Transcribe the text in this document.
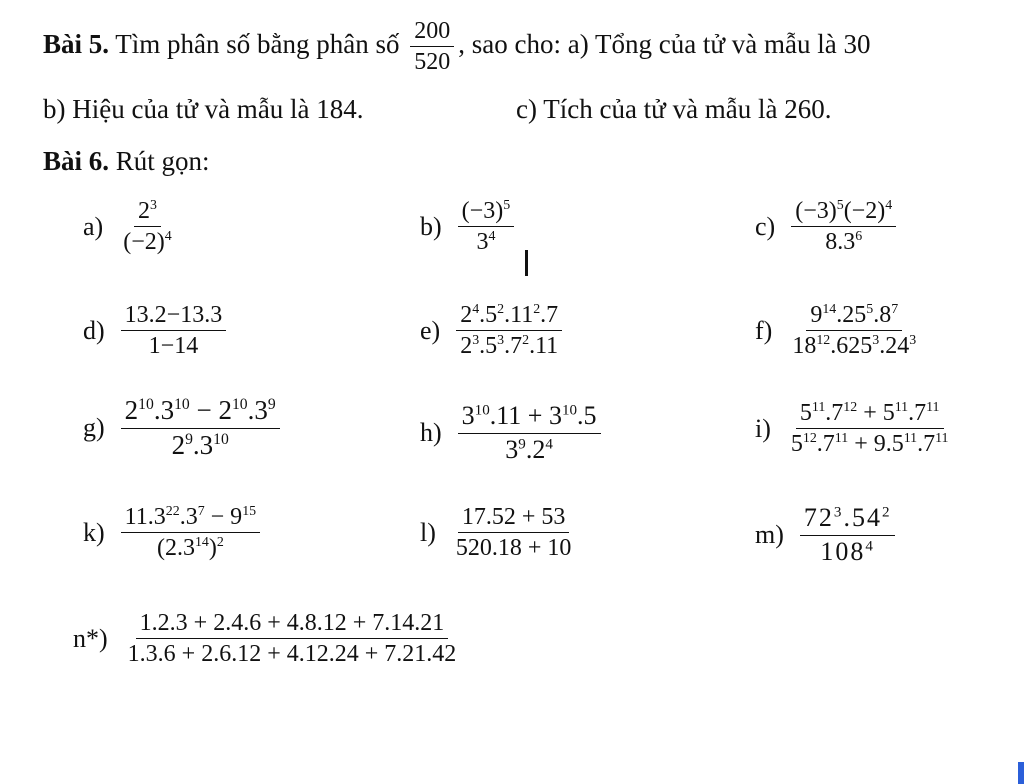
Bài 5. Tìm phân số bằng phân số $\frac{200}{520}$ , sao cho: a) Tổng của tử và mẫu là 30
b) Hiệu của tử và mẫu là 184.	c) Tích của tử và mẫu là 260.
Bài 6. Rút gọn:
$a) \frac{2^3}{(-2)^4}$	$b) \frac{(-3)^5}{3^4}$	$c) \frac{(-3)^5(-2)^4}{8.3^6}$
$d) \frac{13.2-13.3}{1-14}$	$e) \frac{2^4.5^2.11^2.7}{2^3.5^3.7^2.11}$	$f) \frac{9^{14}.25^5.8^7}{18^{12}.625^3.24^3}$
$g) \frac{2^{10}.3^{10} - 2^{10}.3^9}{2^9.3^{10}}$	$h) \frac{3^{10}.11 + 3^{10}.5}{3^9.2^4}$	$i) \frac{5^{11}.7^{12} + 5^{11}.7^{11}}{5^{12}.7^{11} + 9.5^{11}.7^{11}}$
$k) \frac{11.3^{22}.3^7 - 9^{15}}{(2.3^{14})^2}$	$l) \frac{17.52 + 53}{520.18 + 10}$	$m) \frac{72^3.54^2}{108^4}$
$n*) \frac{1.2.3 + 2.4.6 + 4.8.12 + 7.14.21}{1.3.6 + 2.6.12 + 4.12.24 + 7.21.42}$
